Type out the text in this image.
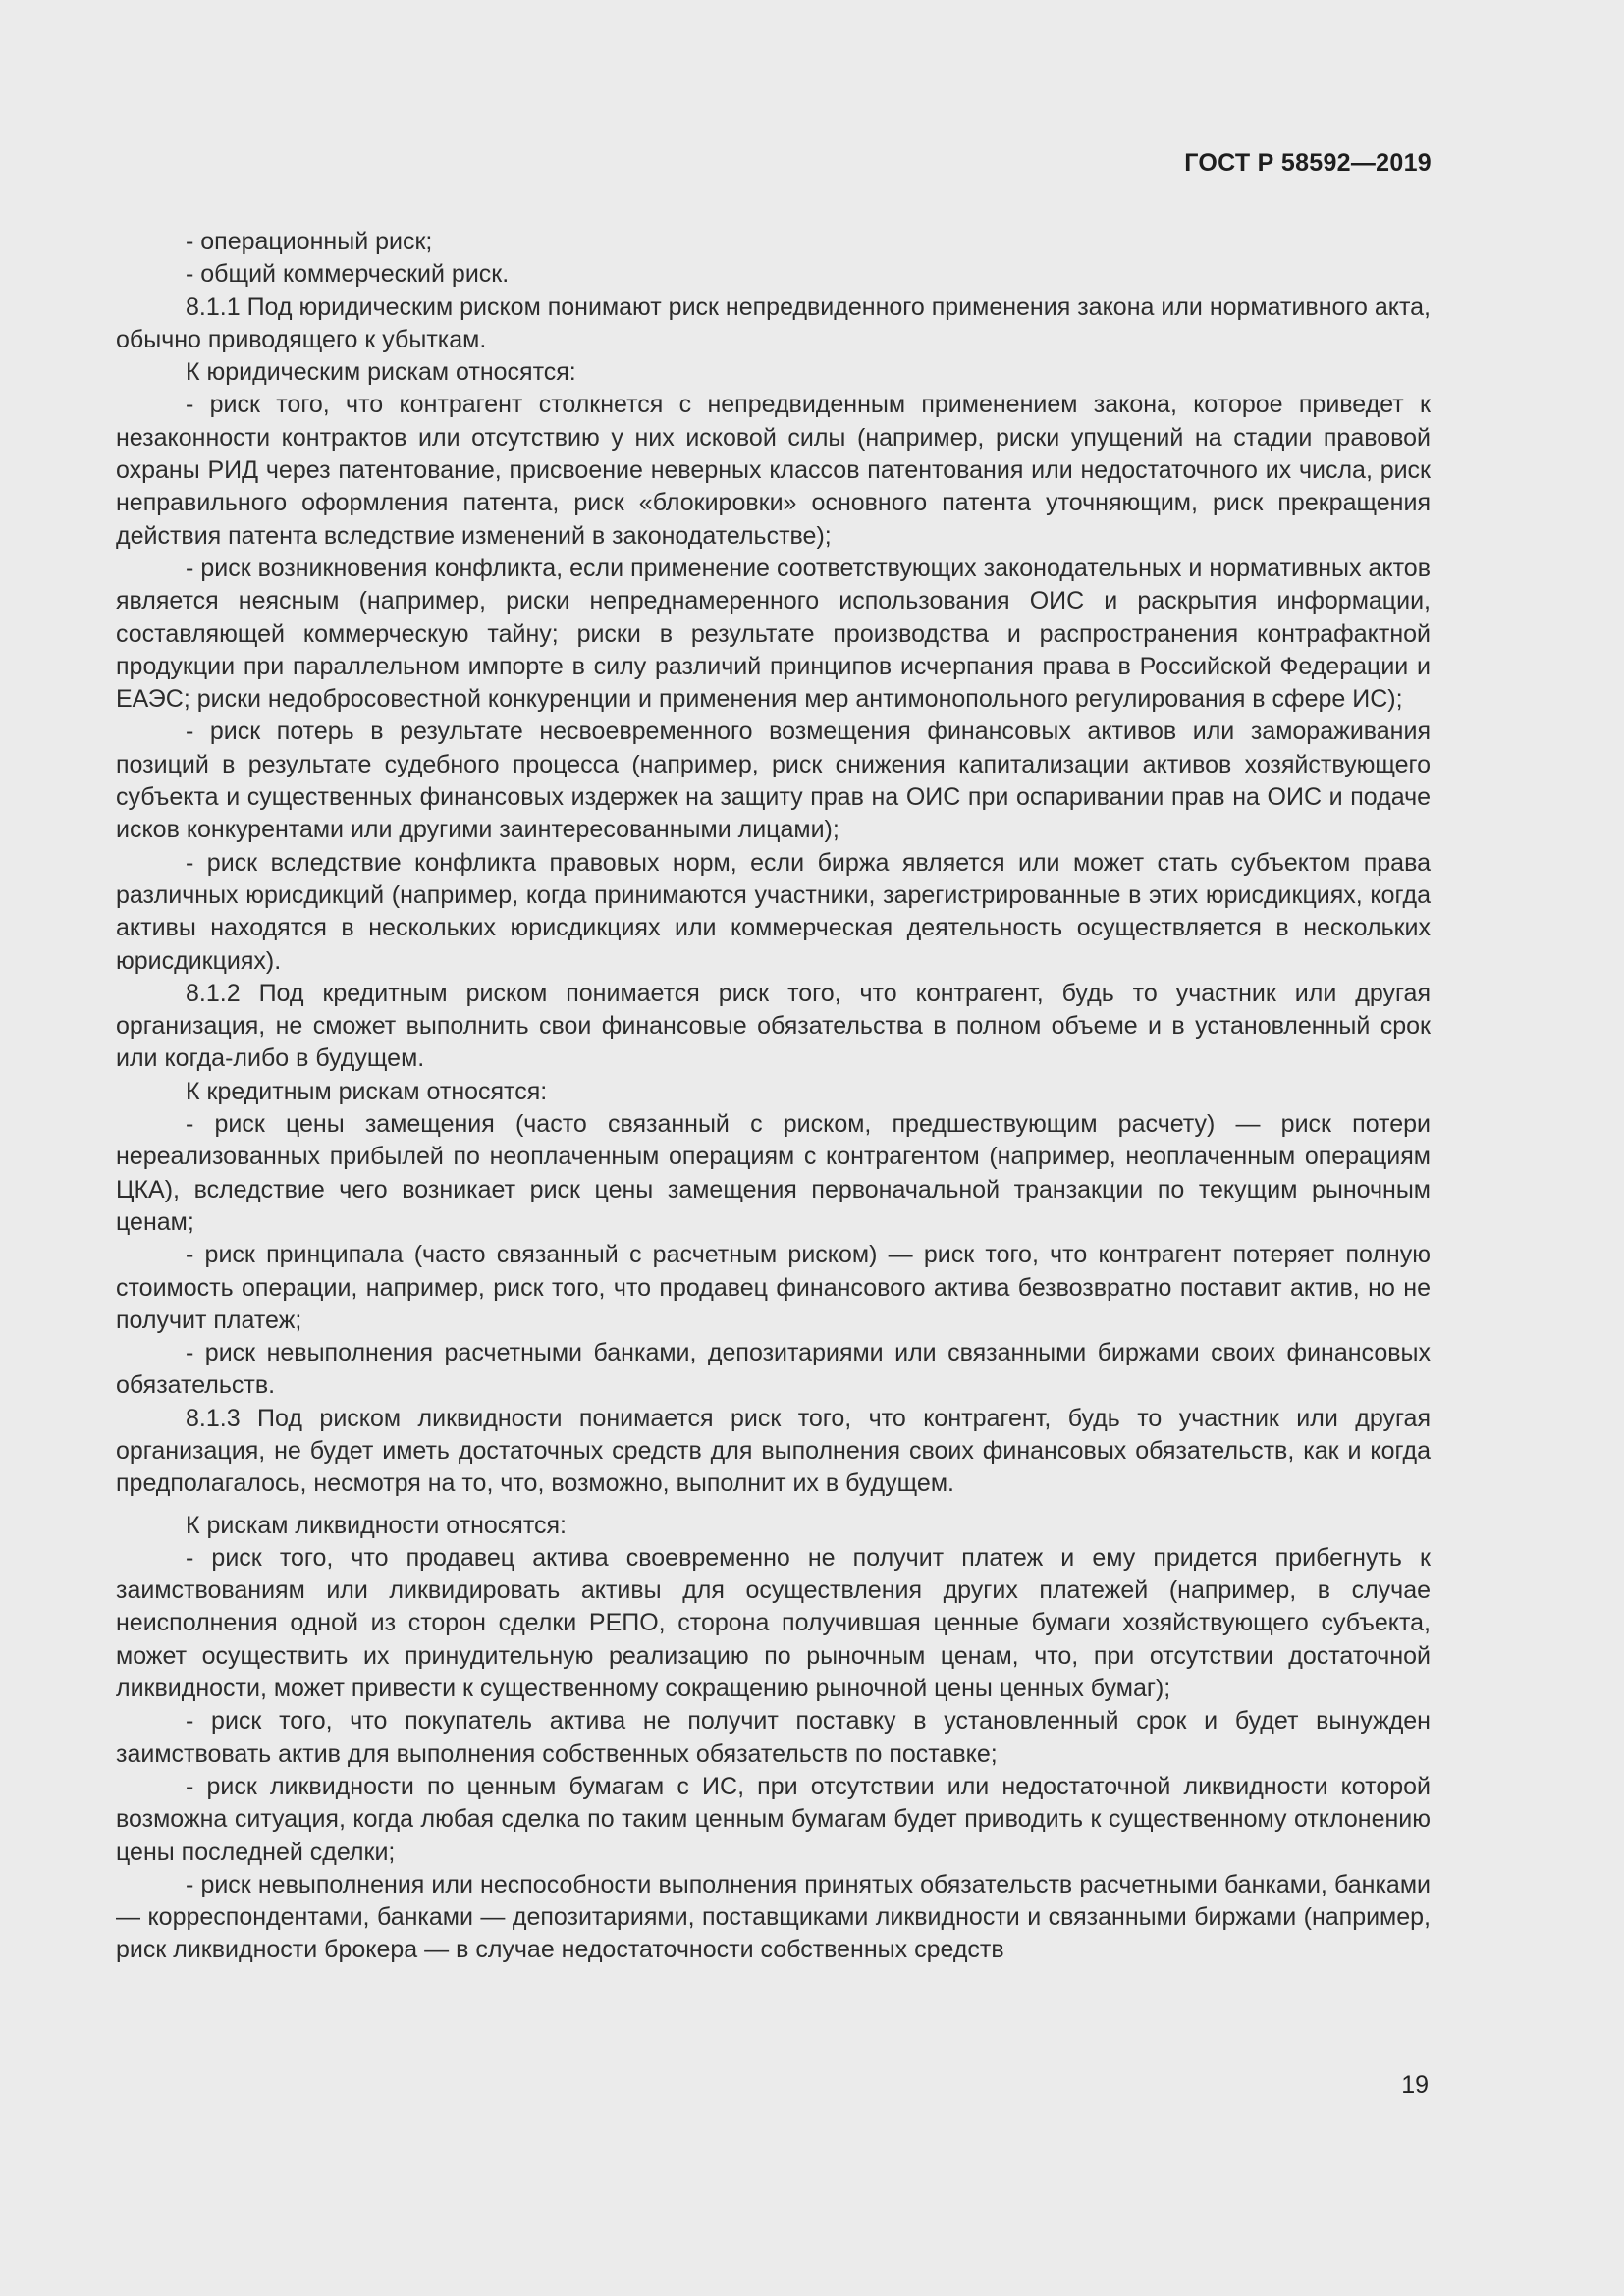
ГОСТ Р 58592—2019

- операционный риск;

- общий коммерческий риск.

8.1.1 Под юридическим риском понимают риск непредвиденного применения закона или нормативного акта, обычно приводящего к убыткам.

К юридическим рискам относятся:

- риск того, что контрагент столкнется с непредвиденным применением закона, которое приведет к незаконности контрактов или отсутствию у них исковой силы (например, риски упущений на стадии правовой охраны РИД через патентование, присвоение неверных классов патентования или недостаточного их числа, риск неправильного оформления патента, риск «блокировки» основного патента уточняющим, риск прекращения действия патента вследствие изменений в законодательстве);

- риск возникновения конфликта, если применение соответствующих законодательных и нормативных актов является неясным (например, риски непреднамеренного использования ОИС и раскрытия информации, составляющей коммерческую тайну; риски в результате производства и распространения контрафактной продукции при параллельном импорте в силу различий принципов исчерпания права в Российской Федерации и ЕАЭС; риски недобросовестной конкуренции и применения мер антимонопольного регулирования в сфере ИС);

- риск потерь в результате несвоевременного возмещения финансовых активов или замораживания позиций в результате судебного процесса (например, риск снижения капитализации активов хозяйствующего субъекта и существенных финансовых издержек на защиту прав на ОИС при оспаривании прав на ОИС и подаче исков конкурентами или другими заинтересованными лицами);

- риск вследствие конфликта правовых норм, если биржа является или может стать субъектом права различных юрисдикций (например, когда принимаются участники, зарегистрированные в этих юрисдикциях, когда активы находятся в нескольких юрисдикциях или коммерческая деятельность осуществляется в нескольких юрисдикциях).

8.1.2 Под кредитным риском понимается риск того, что контрагент, будь то участник или другая организация, не сможет выполнить свои финансовые обязательства в полном объеме и в установленный срок или когда-либо в будущем.

К кредитным рискам относятся:

- риск цены замещения (часто связанный с риском, предшествующим расчету) — риск потери нереализованных прибылей по неоплаченным операциям с контрагентом (например, неоплаченным операциям ЦКА), вследствие чего возникает риск цены замещения первоначальной транзакции по текущим рыночным ценам;

- риск принципала (часто связанный с расчетным риском) — риск того, что контрагент потеряет полную стоимость операции, например, риск того, что продавец финансового актива безвозвратно поставит актив, но не получит платеж;

- риск невыполнения расчетными банками, депозитариями или связанными биржами своих финансовых обязательств.

8.1.3 Под риском ликвидности понимается риск того, что контрагент, будь то участник или другая организация, не будет иметь достаточных средств для выполнения своих финансовых обязательств, как и когда предполагалось, несмотря на то, что, возможно, выполнит их в будущем.

К рискам ликвидности относятся:

- риск того, что продавец актива своевременно не получит платеж и ему придется прибегнуть к заимствованиям или ликвидировать активы для осуществления других платежей (например, в случае неисполнения одной из сторон сделки РЕПО, сторона получившая ценные бумаги хозяйствующего субъекта, может осуществить их принудительную реализацию по рыночным ценам, что, при отсутствии достаточной ликвидности, может привести к существенному сокращению рыночной цены ценных бумаг);

- риск того, что покупатель актива не получит поставку в установленный срок и будет вынужден заимствовать актив для выполнения собственных обязательств по поставке;

- риск ликвидности по ценным бумагам с ИС, при отсутствии или недостаточной ликвидности которой возможна ситуация, когда любая сделка по таким ценным бумагам будет приводить к существенному отклонению цены последней сделки;

- риск невыполнения или неспособности выполнения принятых обязательств расчетными банками, банками — корреспондентами, банками — депозитариями, поставщиками ликвидности и связанными биржами (например, риск ликвидности брокера — в случае недостаточности собственных средств

19
